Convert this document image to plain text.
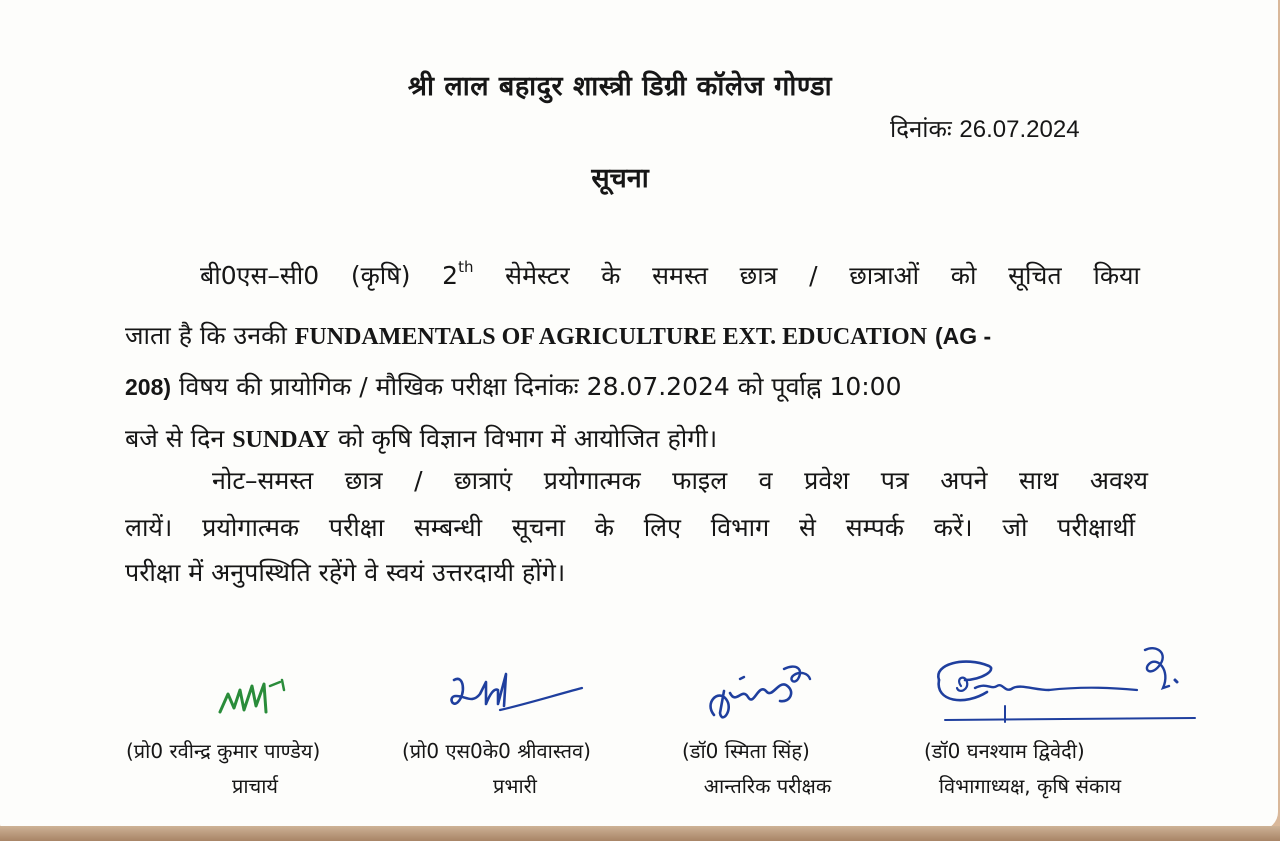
श्री लाल बहादुर शास्त्री डिग्री कॉलेज गोण्डा
दिनांकः 26.07.2024
सूचना
बी0एस–सी0 (कृषि) 2th सेमेस्टर के समस्त छात्र / छात्राओं को सूचित किया
जाता है कि उनकी FUNDAMENTALS OF AGRICULTURE EXT. EDUCATION (AG -
208) विषय की प्रायोगिक / मौखिक परीक्षा दिनांकः 28.07.2024 को पूर्वाह्न 10:00
बजे से दिन SUNDAY को कृषि विज्ञान विभाग में आयोजित होगी।
नोट–समस्त छात्र / छात्राएं प्रयोगात्मक फाइल व प्रवेश पत्र अपने साथ अवश्य
लायें। प्रयोगात्मक परीक्षा सम्बन्धी सूचना के लिए विभाग से सम्पर्क करें। जो परीक्षार्थी
परीक्षा में अनुपस्थिति रहेंगे वे स्वयं उत्तरदायी होंगे।
(प्रो0 रवीन्द्र कुमार पाण्डेय)
प्राचार्य
(प्रो0 एस0के0 श्रीवास्तव)
प्रभारी
(डॉ0 स्मिता सिंह)
आन्तरिक परीक्षक
(डॉ0 घनश्याम द्विवेदी)
विभागाध्यक्ष, कृषि संकाय
